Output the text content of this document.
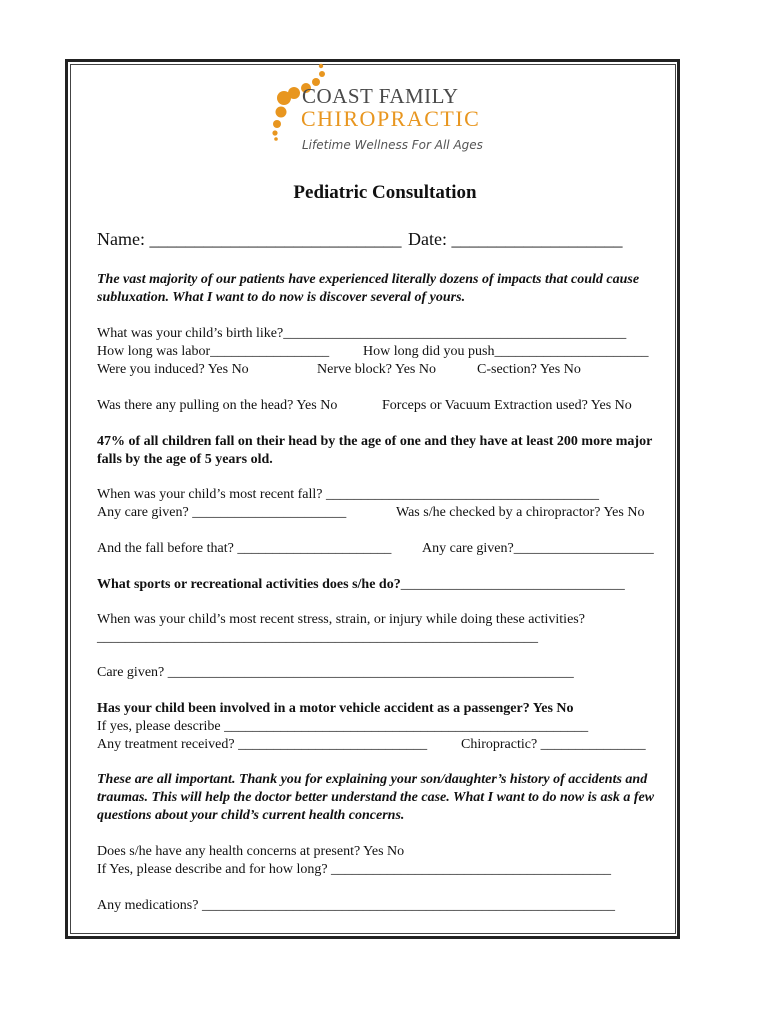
COAST FAMILY
CHIROPRACTIC
Lifetime Wellness For All Ages
Pediatric Consultation
Name: ____________________________ Date: ___________________
The vast majority of our patients have experienced literally dozens of impacts that could cause subluxation. What I want to do now is discover several of yours.
What was your child’s birth like?_________________________________________________
How long was labor_________________ How long did you push______________________
Were you induced? Yes No	Nerve block? Yes No	C-section? Yes No
Was there any pulling on the head? Yes No	Forceps or Vacuum Extraction used? Yes No
47% of all children fall on their head by the age of one and they have at least 200 more major falls by the age of 5 years old.
When was your child’s most recent fall? _______________________________________
Any care given? ______________________	Was s/he checked by a chiropractor? Yes No
And the fall before that? ______________________ Any care given?____________________
What sports or recreational activities does s/he do?________________________________
When was your child’s most recent stress, strain, or injury while doing these activities?_______________________________________________________________
Care given? __________________________________________________________
Has your child been involved in a motor vehicle accident as a passenger? Yes No
If yes, please describe ____________________________________________________
Any treatment received? ___________________________ Chiropractic? _______________
These are all important. Thank you for explaining your son/daughter’s history of accidents and traumas. This will help the doctor better understand the case. What I want to do now is ask a few questions about your child’s current health concerns.
Does s/he have any health concerns at present? Yes No
If Yes, please describe and for how long? ________________________________________
Any medications? ___________________________________________________________
